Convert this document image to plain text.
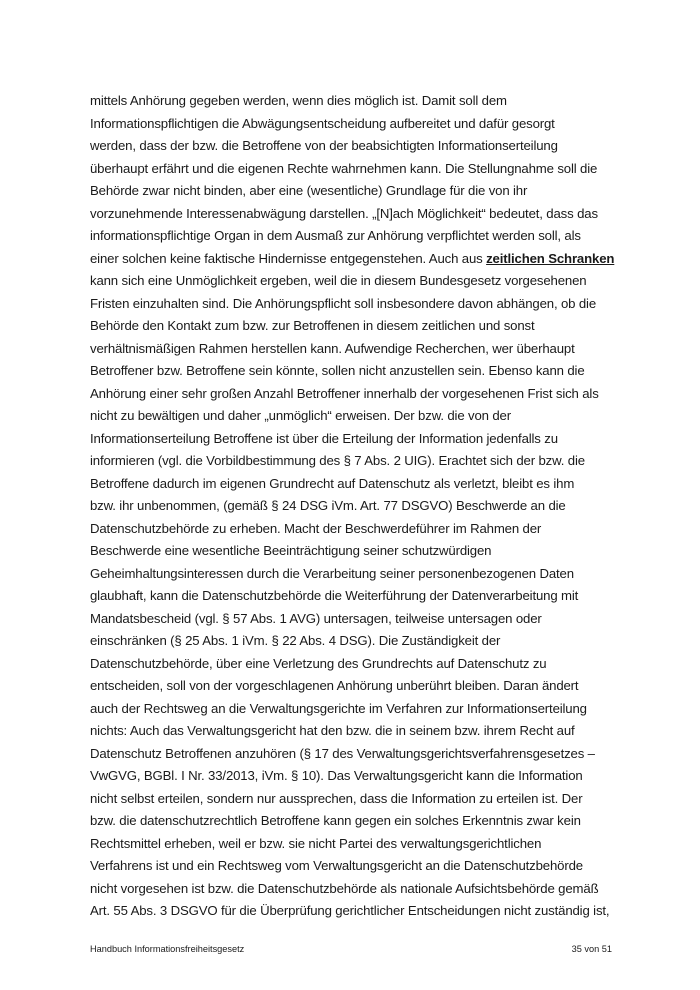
mittels Anhörung gegeben werden, wenn dies möglich ist. Damit soll dem
Informationspflichtigen die Abwägungsentscheidung aufbereitet und dafür gesorgt
werden, dass der bzw. die Betroffene von der beabsichtigten Informationserteilung
überhaupt erfährt und die eigenen Rechte wahrnehmen kann. Die Stellungnahme soll die
Behörde zwar nicht binden, aber eine (wesentliche) Grundlage für die von ihr
vorzunehmende Interessenabwägung darstellen. „[N]ach Möglichkeit“ bedeutet, dass das
informationspflichtige Organ in dem Ausmaß zur Anhörung verpflichtet werden soll, als
einer solchen keine faktische Hindernisse entgegenstehen. Auch aus zeitlichen Schranken
kann sich eine Unmöglichkeit ergeben, weil die in diesem Bundesgesetz vorgesehenen
Fristen einzuhalten sind. Die Anhörungspflicht soll insbesondere davon abhängen, ob die
Behörde den Kontakt zum bzw. zur Betroffenen in diesem zeitlichen und sonst
verhältnismäßigen Rahmen herstellen kann. Aufwendige Recherchen, wer überhaupt
Betroffener bzw. Betroffene sein könnte, sollen nicht anzustellen sein. Ebenso kann die
Anhörung einer sehr großen Anzahl Betroffener innerhalb der vorgesehenen Frist sich als
nicht zu bewältigen und daher „unmöglich“ erweisen. Der bzw. die von der
Informationserteilung Betroffene ist über die Erteilung der Information jedenfalls zu
informieren (vgl. die Vorbildbestimmung des § 7 Abs. 2 UIG). Erachtet sich der bzw. die
Betroffene dadurch im eigenen Grundrecht auf Datenschutz als verletzt, bleibt es ihm
bzw. ihr unbenommen, (gemäß § 24 DSG iVm. Art. 77 DSGVO) Beschwerde an die
Datenschutzbehörde zu erheben. Macht der Beschwerdeführer im Rahmen der
Beschwerde eine wesentliche Beeinträchtigung seiner schutzwürdigen
Geheimhaltungsinteressen durch die Verarbeitung seiner personenbezogenen Daten
glaubhaft, kann die Datenschutzbehörde die Weiterführung der Datenverarbeitung mit
Mandatsbescheid (vgl. § 57 Abs. 1 AVG) untersagen, teilweise untersagen oder
einschränken (§ 25 Abs. 1 iVm. § 22 Abs. 4 DSG). Die Zuständigkeit der
Datenschutzbehörde, über eine Verletzung des Grundrechts auf Datenschutz zu
entscheiden, soll von der vorgeschlagenen Anhörung unberührt bleiben. Daran ändert
auch der Rechtsweg an die Verwaltungsgerichte im Verfahren zur Informationserteilung
nichts: Auch das Verwaltungsgericht hat den bzw. die in seinem bzw. ihrem Recht auf
Datenschutz Betroffenen anzuhören (§ 17 des Verwaltungsgerichtsverfahrensgesetzes –
VwGVG, BGBl. I Nr. 33/2013, iVm. § 10). Das Verwaltungsgericht kann die Information
nicht selbst erteilen, sondern nur aussprechen, dass die Information zu erteilen ist. Der
bzw. die datenschutzrechtlich Betroffene kann gegen ein solches Erkenntnis zwar kein
Rechtsmittel erheben, weil er bzw. sie nicht Partei des verwaltungsgerichtlichen
Verfahrens ist und ein Rechtsweg vom Verwaltungsgericht an die Datenschutzbehörde
nicht vorgesehen ist bzw. die Datenschutzbehörde als nationale Aufsichtsbehörde gemäß
Art. 55 Abs. 3 DSGVO für die Überprüfung gerichtlicher Entscheidungen nicht zuständig ist,
Handbuch Informationsfreiheitsgesetz	35 von 51
